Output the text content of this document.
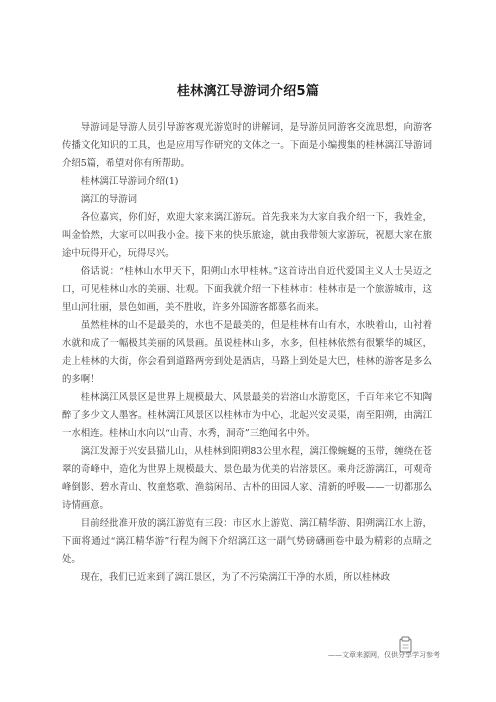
桂林漓江导游词介绍5篇

导游词是导游人员引导游客观光游览时的讲解词，是导游员同游客交流思想，向游客传播文化知识的工具，也是应用写作研究的文体之一。下面是小编搜集的桂林漓江导游词介绍5篇，希望对你有所帮助。

桂林漓江导游词介绍(1)

漓江的导游词

各位嘉宾，你们好，欢迎大家来漓江游玩。首先我来为大家自我介绍一下，我姓金，叫金恰然，大家可以叫我小金。接下来的快乐旅途，就由我带领大家游玩，祝愿大家在旅途中玩得开心，玩得尽兴。

俗话说：“桂林山水甲天下，阳朔山水甲桂林。”这首诗出自近代爱国主义人士吴迈之口，可见桂林山水的美丽、壮观。下面我就介绍一下桂林市：桂林市是一个旅游城市，这里山河壮丽，景色如画，美不胜收，许多外国游客都慕名而来。

虽然桂林的山不是最美的，水也不是最美的，但是桂林有山有水，水映着山，山衬着水就和成了一幅极其美丽的风景画。虽说桂林山多，水多，但桂林依然有很繁华的城区，走上桂林的大街，你会看到道路两旁到处是酒店，马路上到处是大巴，桂林的游客是多么的多啊！

桂林漓江风景区是世界上规模最大、风景最美的岩溶山水游览区，千百年来它不知陶醉了多少文人墨客。桂林漓江风景区以桂林市为中心，北起兴安灵渠，南至阳朔，由漓江一水相连。桂林山水向以“山青、水秀，洞奇”三绝闻名中外。

漓江发源于兴安县猫儿山，从桂林到阳朔83公里水程，漓江像蜿蜒的玉带，缠绕在苍翠的奇峰中，造化为世界上规模最大、景色最为优美的岩溶景区。乘舟泛游漓江，可观奇峰倒影、碧水青山、牧童悠歌、渔翁闲吊、古朴的田园人家、清新的呼吸——一切都那么诗情画意。

目前经批准开放的漓江游览有三段：市区水上游览、漓江精华游、阳朔漓江水上游，下面将通过“漓江精华游”行程为阁下介绍漓江这一副气势磅礴画卷中最为精彩的点睛之处。

现在，我们已近来到了漓江景区，为了不污染漓江干净的水质，所以桂林政

——文章来源网，仅供分享学习参考
